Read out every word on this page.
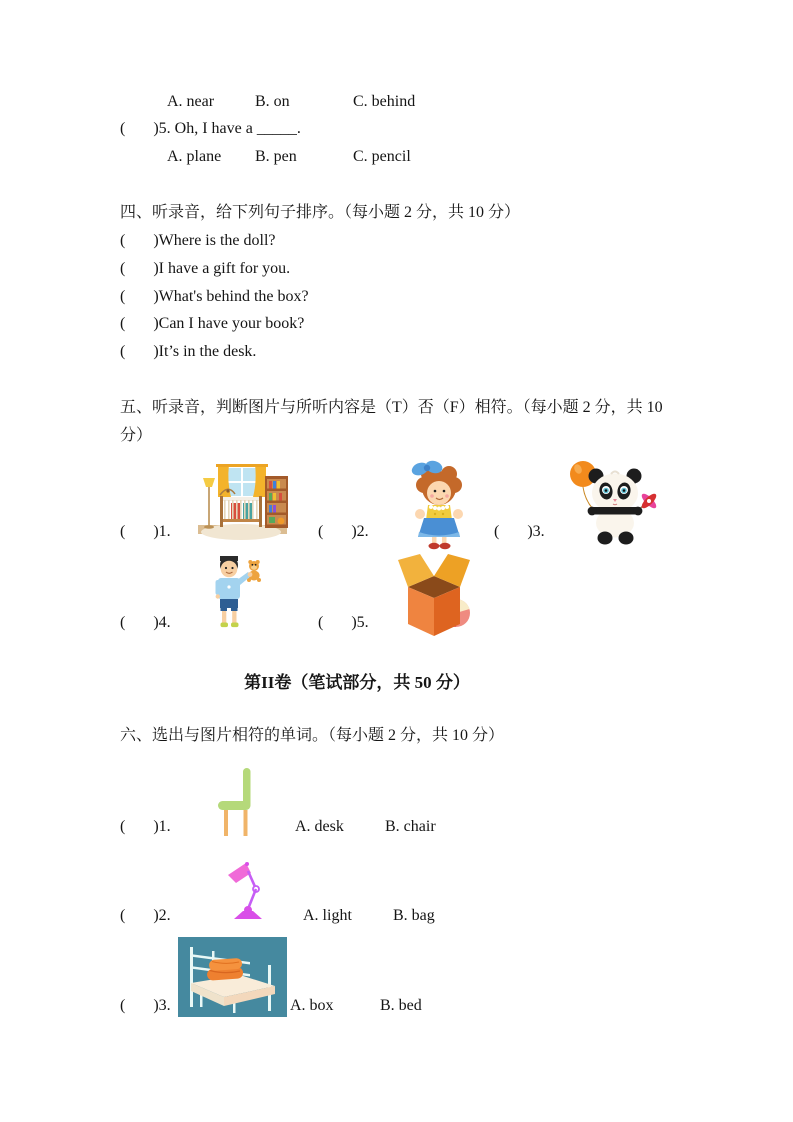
A. near	B. on	C. behind
(       )5. Oh, I have a _____.
A. plane B. pen	C. pencil
四、听录音，给下列句子排序。（每小题 2 分，共 10 分）
(       )Where is the doll?
(       )I have a gift for you.
(       )What's behind the box?
(       )Can I have your book?
(       )It’s in the desk.
五、听录音，判断图片与所听内容是（T）否（F）相符。（每小题 2 分，共 10
分）
(       )1.	(       )2.	(       )3.
(       )4.	(       )5.
第II卷（笔试部分，共 50 分）
六、选出与图片相符的单词。（每小题 2 分，共 10 分）
(       )1.	A. desk	B. chair
(       )2.	A. light	B. bag
(       )3.	A. box	B. bed
